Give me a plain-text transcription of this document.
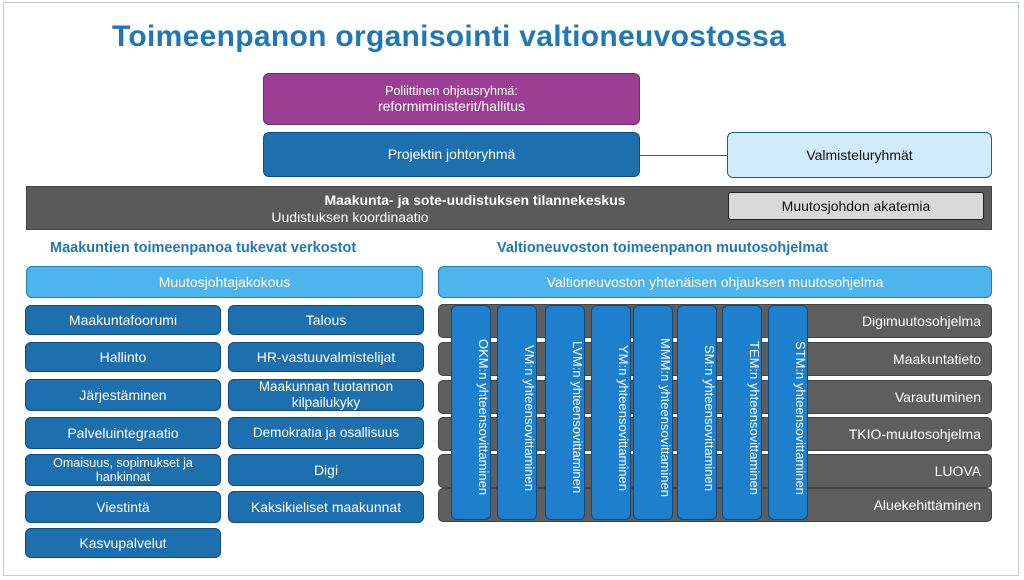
Toimeenpanon organisointi valtioneuvostossa
Poliittinen ohjausryhmä:
reformiministerit/hallitus
Projektin johtoryhmä	Valmisteluryhmät
Maakunta- ja sote-uudistuksen tilannekeskus
Uudistuksen koordinaatio
Muutosjohdon akatemia
Maakuntien toimeenpanoa tukevat verkostot
Muutosjohtajakokous
Maakuntafoorumi
Hallinto
Järjestäminen
Palveluintegraatio
Omaisuus, sopimukset ja hankinnat
Viestintä
Kasvupalvelut
Talous
HR-vastuuvalmistelijat
Maakunnan tuotannon kilpailukyky
Demokratia ja osallisuus
Digi
Kaksikieliset maakunnat
Valtioneuvoston toimeenpanon muutosohjelmat
Valtioneuvoston yhtenäisen ohjauksen muutosohjelma
Digimuutosohjelma
Maakuntatieto
Varautuminen
TKIO-muutosohjelma
LUOVA
Aluekehittäminen
OKM:n yhteensovittaminen	VM:n yhteensovittaminen	LVM:n yhteensovittaminen	YM:n yhteensovittaminen	MMM:n yhteensovittaminen	SM:n yhteensovittaminen	TEM:n yhteensovittaminen	STM:n yhteensovittaminen
